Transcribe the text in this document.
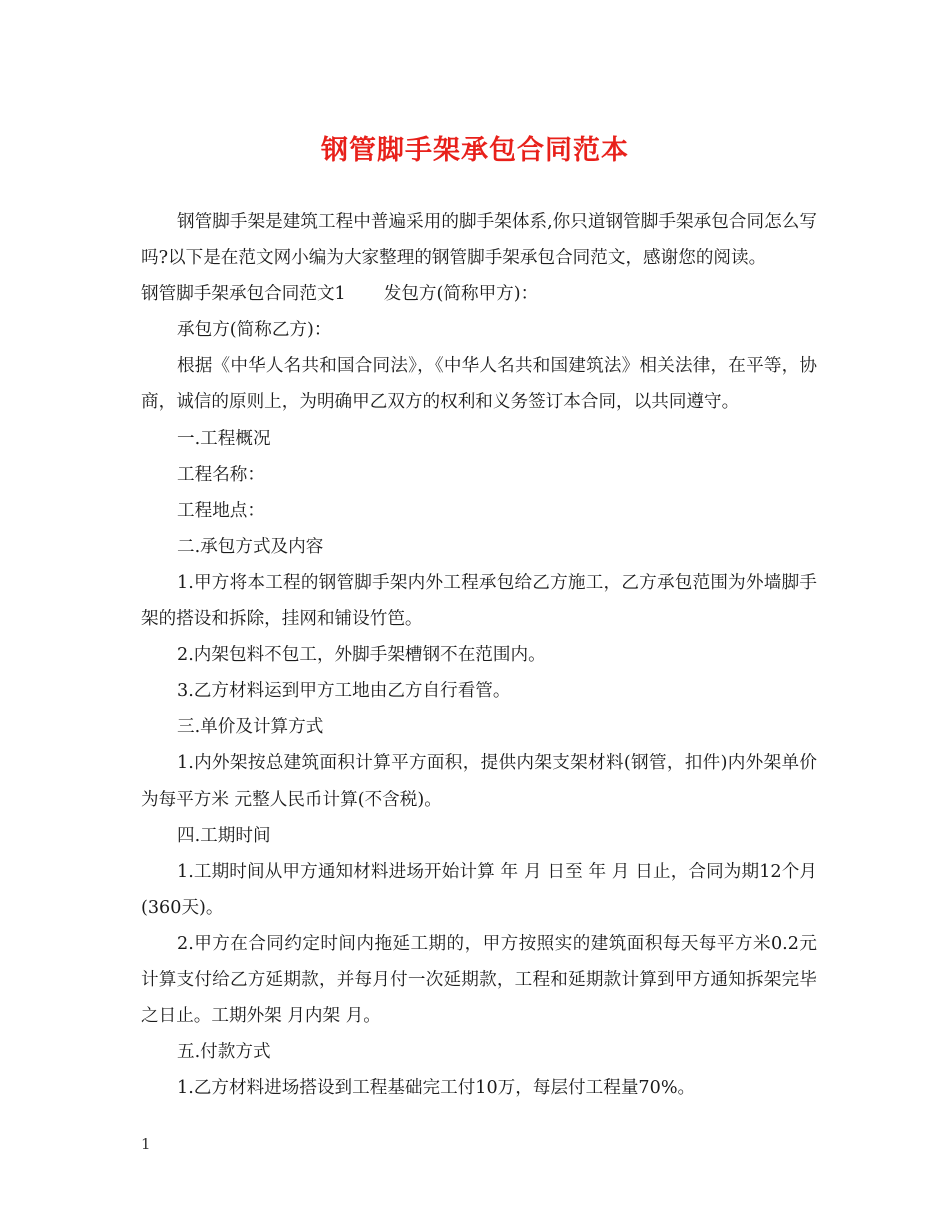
钢管脚手架承包合同范本

钢管脚手架是建筑工程中普遍采用的脚手架体系,你只道钢管脚手架承包合同怎么写吗?以下是在范文网小编为大家整理的钢管脚手架承包合同范文，感谢您的阅读。

钢管脚手架承包合同范文1 发包方(简称甲方)：

承包方(简称乙方)：

根据《中华人名共和国合同法》，《中华人名共和国建筑法》相关法律，在平等，协商，诚信的原则上，为明确甲乙双方的权利和义务签订本合同，以共同遵守。

一.工程概况

工程名称：

工程地点：

二.承包方式及内容

1.甲方将本工程的钢管脚手架内外工程承包给乙方施工，乙方承包范围为外墙脚手架的搭设和拆除，挂网和铺设竹笆。

2.内架包料不包工，外脚手架槽钢不在范围内。

3.乙方材料运到甲方工地由乙方自行看管。

三.单价及计算方式

1.内外架按总建筑面积计算平方面积，提供内架支架材料(钢管，扣件)内外架单价为每平方米 元整人民币计算(不含税)。

四.工期时间

1.工期时间从甲方通知材料进场开始计算 年 月 日至 年 月 日止，合同为期12个月(360天)。

2.甲方在合同约定时间内拖延工期的，甲方按照实的建筑面积每天每平方米0.2元计算支付给乙方延期款，并每月付一次延期款，工程和延期款计算到甲方通知拆架完毕之日止。工期外架 月内架 月。

五.付款方式

1.乙方材料进场搭设到工程基础完工付10万，每层付工程量70%。

1
